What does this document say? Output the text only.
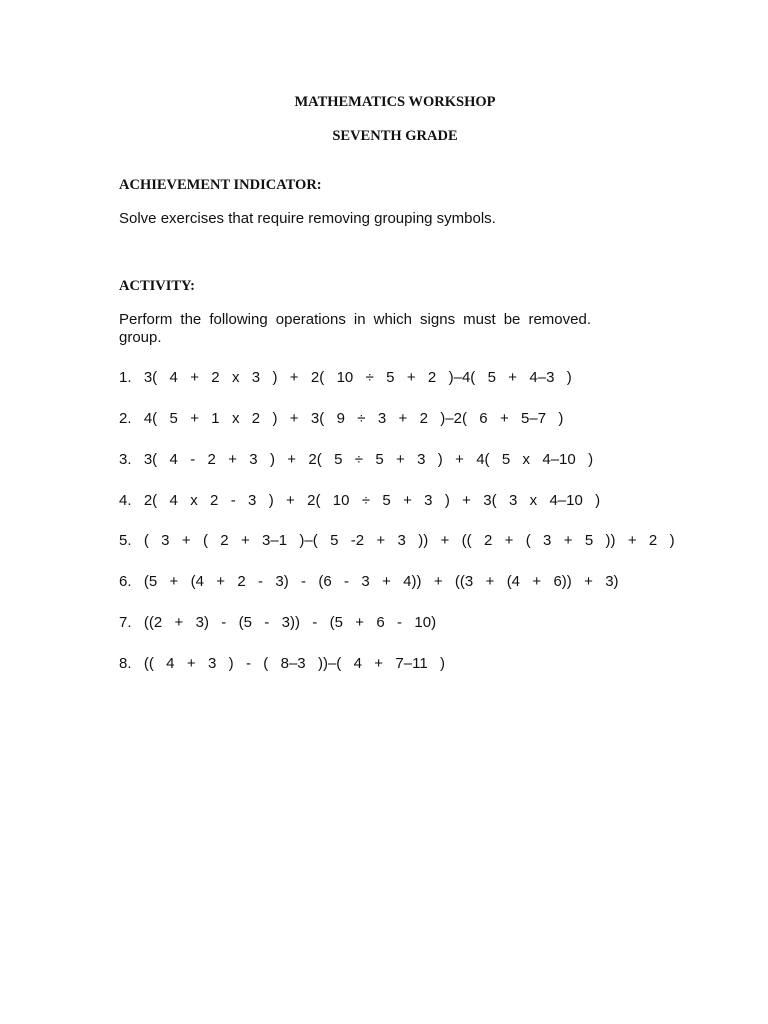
MATHEMATICS WORKSHOP
SEVENTH GRADE
ACHIEVEMENT INDICATOR:
Solve exercises that require removing grouping symbols.
ACTIVITY:
Perform the following operations in which signs must be removed. group.
1.  3(  4  +  2  x  3  )  +  2(  10  ÷  5  +  2  )–4(  5  +  4–3  )
2.  4(  5  +  1  x  2  )  +  3(  9  ÷  3  +  2  )–2(  6  +  5–7  )
3.  3(  4  -  2  +  3  )  +  2(  5  ÷  5  +  3  )  +  4(  5  x  4–10  )
4.  2(  4  x  2  -  3  )  +  2(  10  ÷  5  +  3  )  +  3(  3  x  4–10  )
5.  (  3  +  (  2  +  3–1  )–(  5  -2  +  3  ))  +  ((  2  +  (  3  +  5  ))  +  2  )
6.  (5  +  (4  +  2  -  3)  -  (6  -  3  +  4))  +  ((3  +  (4  +  6))  +  3)
7.  ((2  +  3)  -  (5  -  3))  -  (5  +  6  -  10)
8.  ((  4  +  3  )  -  (  8–3  ))–(  4  +  7–11  )
